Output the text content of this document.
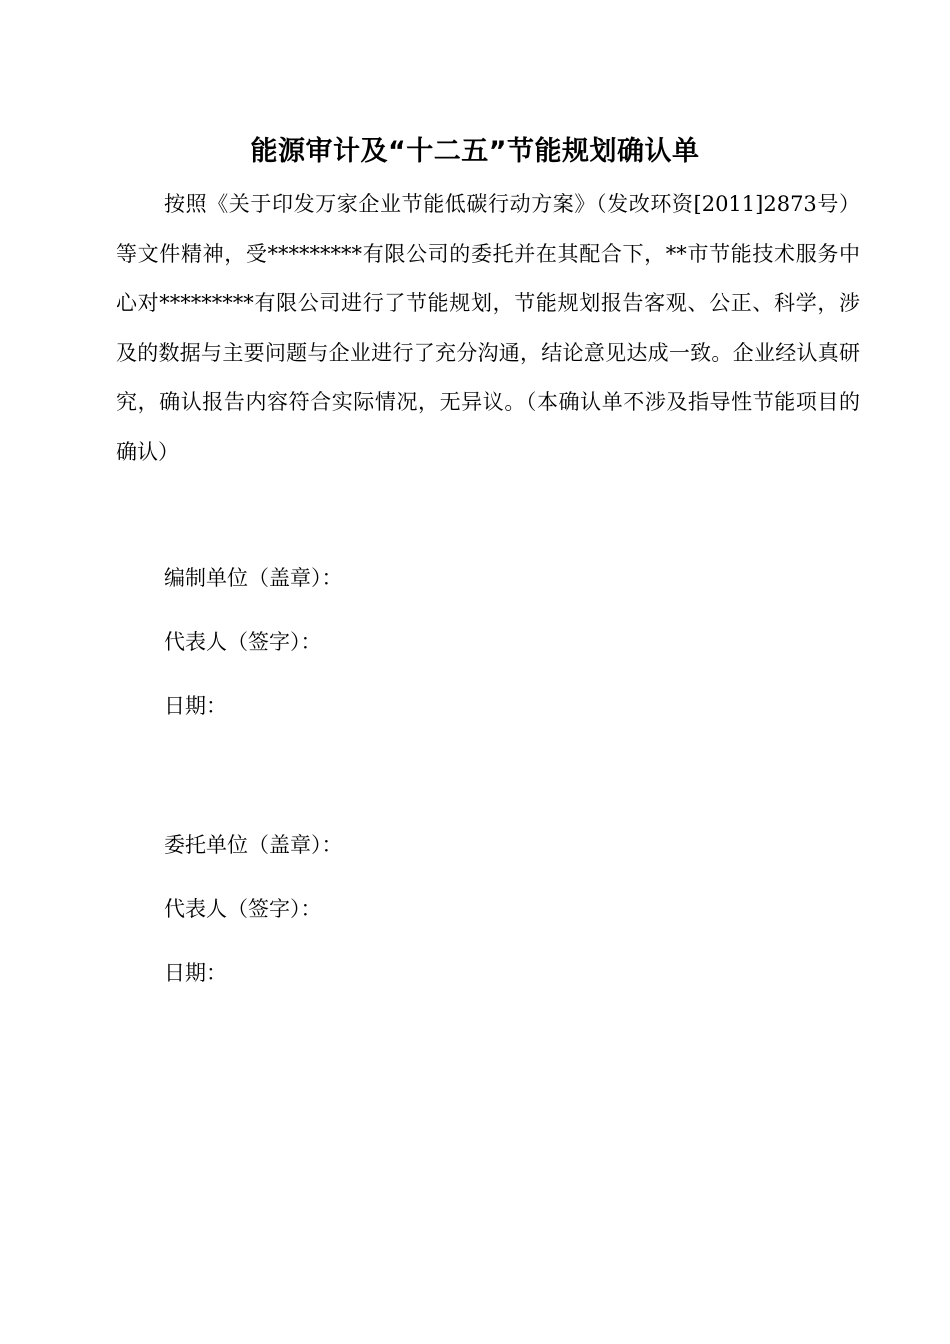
能源审计及“十二五”节能规划确认单
按照《关于印发万家企业节能低碳行动方案》（发改环资[2011]2873号）等文件精神，受*********有限公司的委托并在其配合下，**市节能技术服务中心对*********有限公司进行了节能规划，节能规划报告客观、公正、科学，涉及的数据与主要问题与企业进行了充分沟通，结论意见达成一致。企业经认真研究，确认报告内容符合实际情况，无异议。（本确认单不涉及指导性节能项目的确认）
编制单位（盖章）：
代表人（签字）：
日期：
委托单位（盖章）：
代表人（签字）：
日期：
